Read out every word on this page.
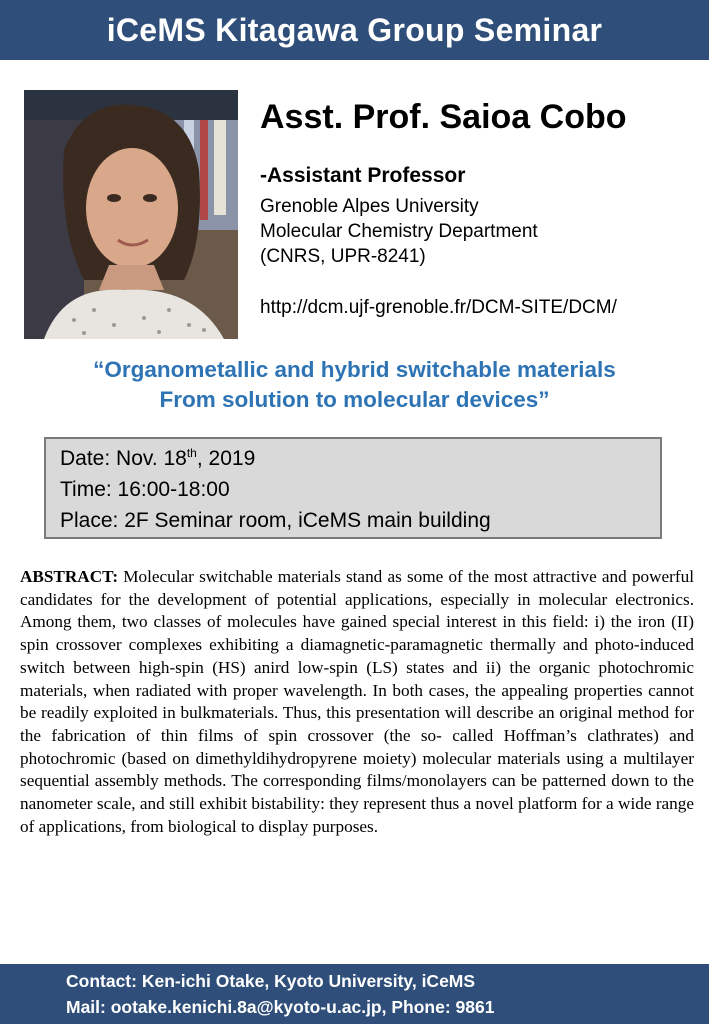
iCeMS Kitagawa Group Seminar
Asst. Prof. Saioa Cobo
-Assistant Professor
Grenoble Alpes University
Molecular Chemistry Department
(CNRS, UPR-8241)
http://dcm.ujf-grenoble.fr/DCM-SITE/DCM/
“Organometallic and hybrid switchable materials
From solution to molecular devices”
Date: Nov. 18th, 2019
Time: 16:00-18:00
Place: 2F Seminar room, iCeMS main building
ABSTRACT: Molecular switchable materials stand as some of the most attractive and powerful candidates for the development of potential applications, especially in molecular electronics. Among them, two classes of molecules have gained special interest in this field: i) the iron (II) spin crossover complexes exhibiting a diamagnetic-paramagnetic thermally and photo-induced switch between high-spin (HS) anird low-spin (LS) states and ii) the organic photochromic materials, when radiated with proper wavelength. In both cases, the appealing properties cannot be readily exploited in bulkmaterials. Thus, this presentation will describe an original method for the fabrication of thin films of spin crossover (the so- called Hoffman’s clathrates) and photochromic (based on dimethyldihydropyrene moiety) molecular materials using a multilayer sequential assembly methods. The corresponding films/monolayers can be patterned down to the nanometer scale, and still exhibit bistability: they represent thus a novel platform for a wide range of applications, from biological to display purposes.
Contact: Ken-ichi Otake, Kyoto University, iCeMS
Mail: ootake.kenichi.8a@kyoto-u.ac.jp, Phone: 9861
